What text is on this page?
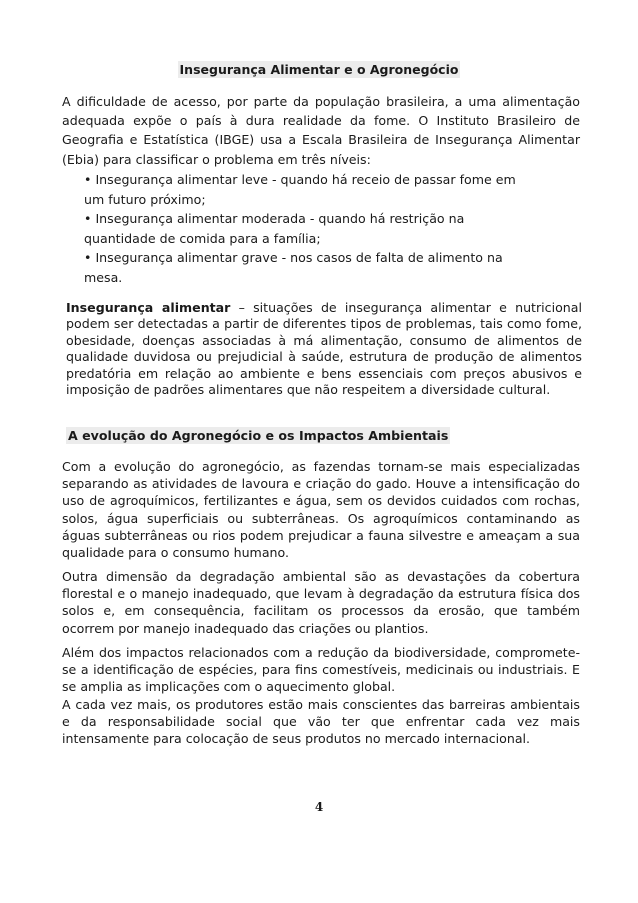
Insegurança Alimentar e o Agronegócio

A dificuldade de acesso, por parte da população brasileira, a uma alimentação adequada expõe o país à dura realidade da fome. O Instituto Brasileiro de Geografia e Estatística (IBGE) usa a Escala Brasileira de Insegurança Alimentar (Ebia) para classificar o problema em três níveis:

• Insegurança alimentar leve - quando há receio de passar fome em um futuro próximo;
• Insegurança alimentar moderada - quando há restrição na quantidade de comida para a família;
• Insegurança alimentar grave - nos casos de falta de alimento na mesa.

Insegurança alimentar – situações de insegurança alimentar e nutricional podem ser detectadas a partir de diferentes tipos de problemas, tais como fome, obesidade, doenças associadas à má alimentação, consumo de alimentos de qualidade duvidosa ou prejudicial à saúde, estrutura de produção de alimentos predatória em relação ao ambiente e bens essenciais com preços abusivos e imposição de padrões alimentares que não respeitem a diversidade cultural.

A evolução do Agronegócio e os Impactos Ambientais

Com a evolução do agronegócio, as fazendas tornam-se mais especializadas separando as atividades de lavoura e criação do gado. Houve a intensificação do uso de agroquímicos, fertilizantes e água, sem os devidos cuidados com rochas, solos, água superficiais ou subterrâneas. Os agroquímicos contaminando as águas subterrâneas ou rios podem prejudicar a fauna silvestre e ameaçam a sua qualidade para o consumo humano.

Outra dimensão da degradação ambiental são as devastações da cobertura florestal e o manejo inadequado, que levam à degradação da estrutura física dos solos e, em consequência, facilitam os processos da erosão, que também ocorrem por manejo inadequado das criações ou plantios.

Além dos impactos relacionados com a redução da biodiversidade, compromete-se a identificação de espécies, para fins comestíveis, medicinais ou industriais. E se amplia as implicações com o aquecimento global.
A cada vez mais, os produtores estão mais conscientes das barreiras ambientais e da responsabilidade social que vão ter que enfrentar cada vez mais intensamente para colocação de seus produtos no mercado internacional.
4
